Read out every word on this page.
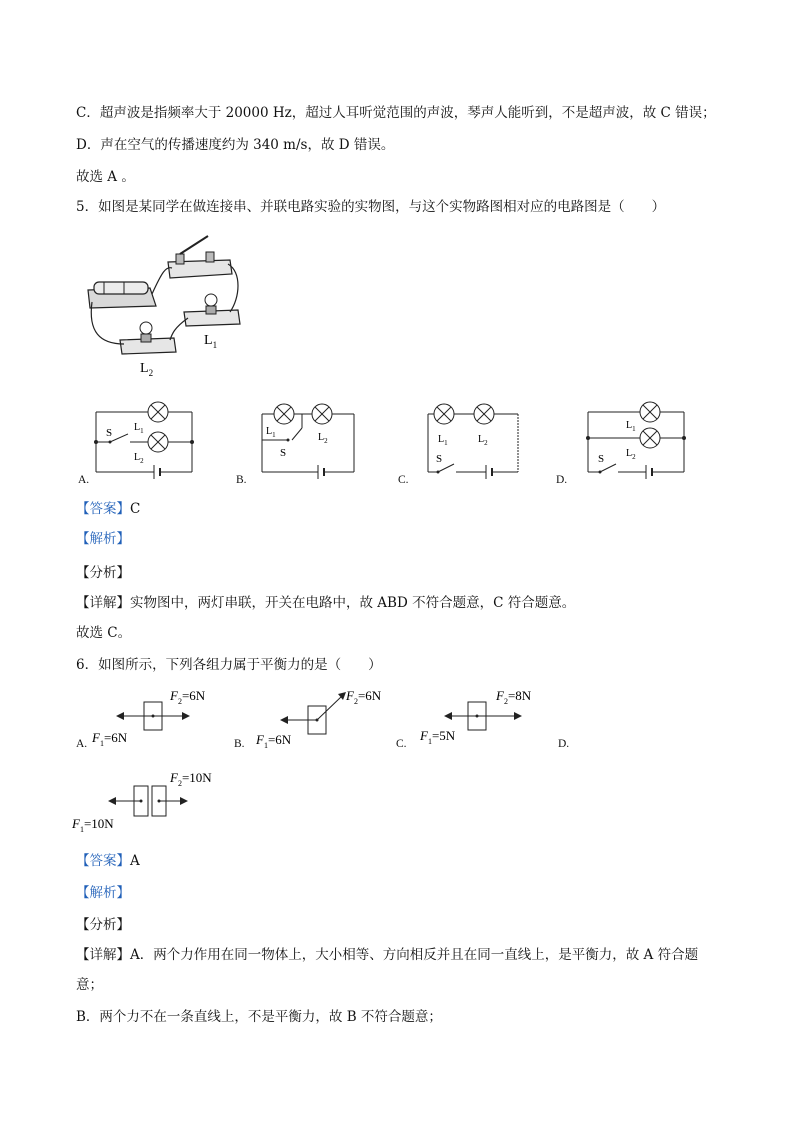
C．超声波是指频率大于 20000 Hz，超过人耳听觉范围的声波，琴声人能听到，不是超声波，故 C 错误；
D．声在空气的传播速度约为 340 m/s，故 D 错误。
故选 A 。
5．如图是某同学在做连接串、并联电路实验的实物图，与这个实物路图相对应的电路图是（　　）
$L_1$
$L_2$
S $L_1$
$L_2$
A.
$L_1$
S
$L_2$
B.
$L_1$	$L_2$
S
C.
$L_1$
$L_2$
S
D.
【答案】C
【解析】
【分析】
【详解】实物图中，两灯串联，开关在电路中，故 ABD 不符合题意，C 符合题意。
故选 C。
6．如图所示，下列各组力属于平衡力的是（　　）
$F_2=6N$
$F_1=6N$
A.
$F_2=6N$
$F_1=6N$
B.
$F_2=8N$
$F_1=5N$
C.	D.
$F_2=10N$
$F_1=10N$
【答案】A
【解析】
【分析】
【详解】A．两个力作用在同一物体上，大小相等、方向相反并且在同一直线上，是平衡力，故 A 符合题
意；
B．两个力不在一条直线上，不是平衡力，故 B 不符合题意；
